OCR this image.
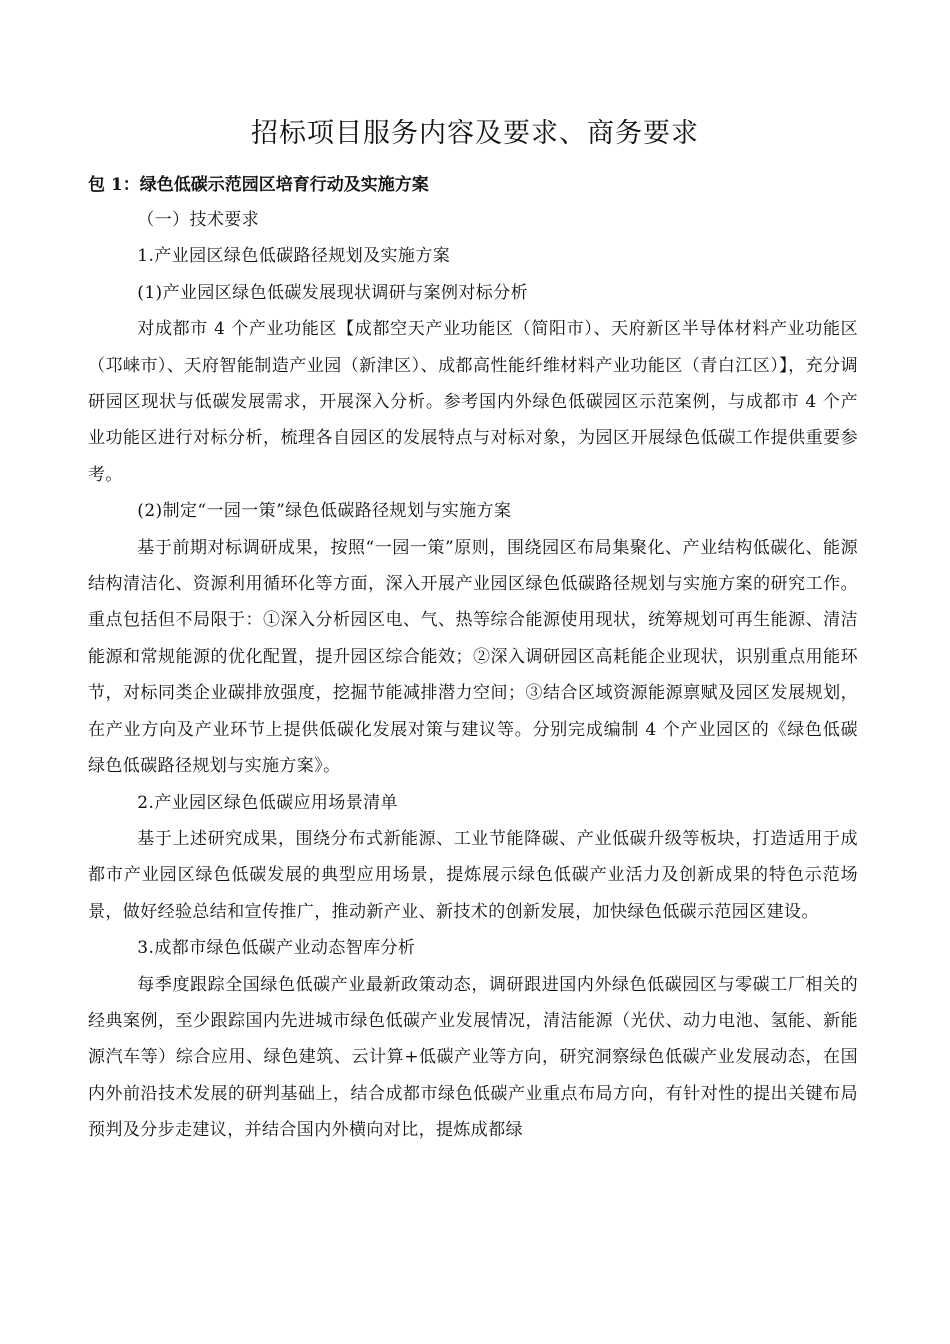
招标项目服务内容及要求、商务要求

包 1：绿色低碳示范园区培育行动及实施方案

（一）技术要求

1.产业园区绿色低碳路径规划及实施方案

(1)产业园区绿色低碳发展现状调研与案例对标分析

对成都市 4 个产业功能区【成都空天产业功能区（简阳市）、天府新区半导体材料产业功能区（邛崃市）、天府智能制造产业园（新津区）、成都高性能纤维材料产业功能区（青白江区）】，充分调研园区现状与低碳发展需求，开展深入分析。参考国内外绿色低碳园区示范案例，与成都市 4 个产业功能区进行对标分析，梳理各自园区的发展特点与对标对象，为园区开展绿色低碳工作提供重要参考。

(2)制定“一园一策”绿色低碳路径规划与实施方案

基于前期对标调研成果，按照“一园一策”原则，围绕园区布局集聚化、产业结构低碳化、能源结构清洁化、资源利用循环化等方面，深入开展产业园区绿色低碳路径规划与实施方案的研究工作。重点包括但不局限于：①深入分析园区电、气、热等综合能源使用现状，统筹规划可再生能源、清洁能源和常规能源的优化配置，提升园区综合能效；②深入调研园区高耗能企业现状，识别重点用能环节，对标同类企业碳排放强度，挖掘节能减排潜力空间；③结合区域资源能源禀赋及园区发展规划，在产业方向及产业环节上提供低碳化发展对策与建议等。分别完成编制 4 个产业园区的《绿色低碳绿色低碳路径规划与实施方案》。

2.产业园区绿色低碳应用场景清单

基于上述研究成果，围绕分布式新能源、工业节能降碳、产业低碳升级等板块，打造适用于成都市产业园区绿色低碳发展的典型应用场景，提炼展示绿色低碳产业活力及创新成果的特色示范场景，做好经验总结和宣传推广，推动新产业、新技术的创新发展，加快绿色低碳示范园区建设。

3.成都市绿色低碳产业动态智库分析

每季度跟踪全国绿色低碳产业最新政策动态，调研跟进国内外绿色低碳园区与零碳工厂相关的经典案例，至少跟踪国内先进城市绿色低碳产业发展情况，清洁能源（光伏、动力电池、氢能、新能源汽车等）综合应用、绿色建筑、云计算+低碳产业等方向，研究洞察绿色低碳产业发展动态，在国内外前沿技术发展的研判基础上，结合成都市绿色低碳产业重点布局方向，有针对性的提出关键布局预判及分步走建议，并结合国内外横向对比，提炼成都绿
